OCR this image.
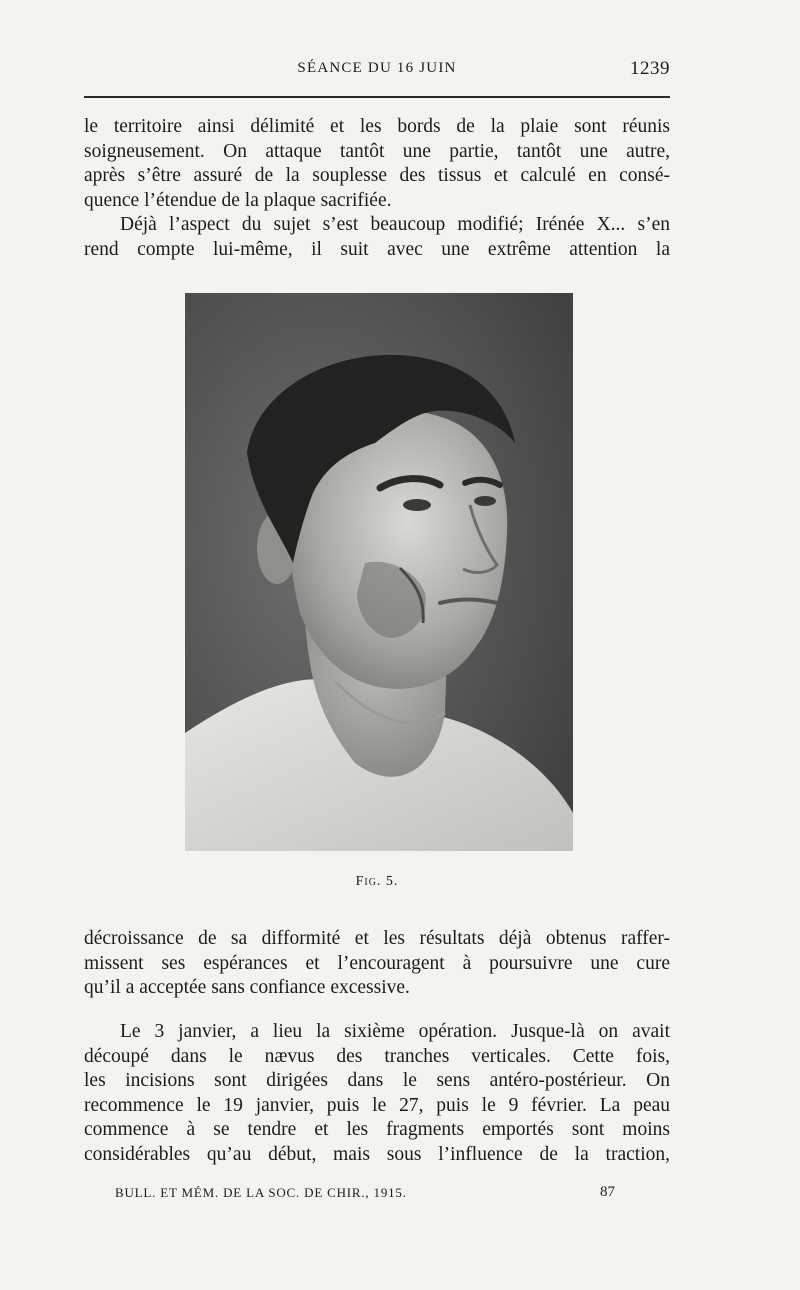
SÉANCE DU 16 JUIN	1239
le territoire ainsi délimité et les bords de la plaie sont réunis
soigneusement. On attaque tantôt une partie, tantôt une autre,
après s’être assuré de la souplesse des tissus et calculé en consé-
quence l’étendue de la plaque sacrifiée.
Déjà l’aspect du sujet s’est beaucoup modifié; Irénée X... s’en
rend compte lui-même, il suit avec une extrême attention la
Fig. 5.
décroissance de sa difformité et les résultats déjà obtenus raffer-
missent ses espérances et l’encouragent à poursuivre une cure
qu’il a acceptée sans confiance excessive.
Le 3 janvier, a lieu la sixième opération. Jusque-là on avait
découpé dans le nævus des tranches verticales. Cette fois,
les incisions sont dirigées dans le sens antéro-postérieur. On
recommence le 19 janvier, puis le 27, puis le 9 février. La peau
commence à se tendre et les fragments emportés sont moins
considérables qu’au début, mais sous l’influence de la traction,
BULL. ET MÉM. DE LA SOC. DE CHIR., 1915.	87
